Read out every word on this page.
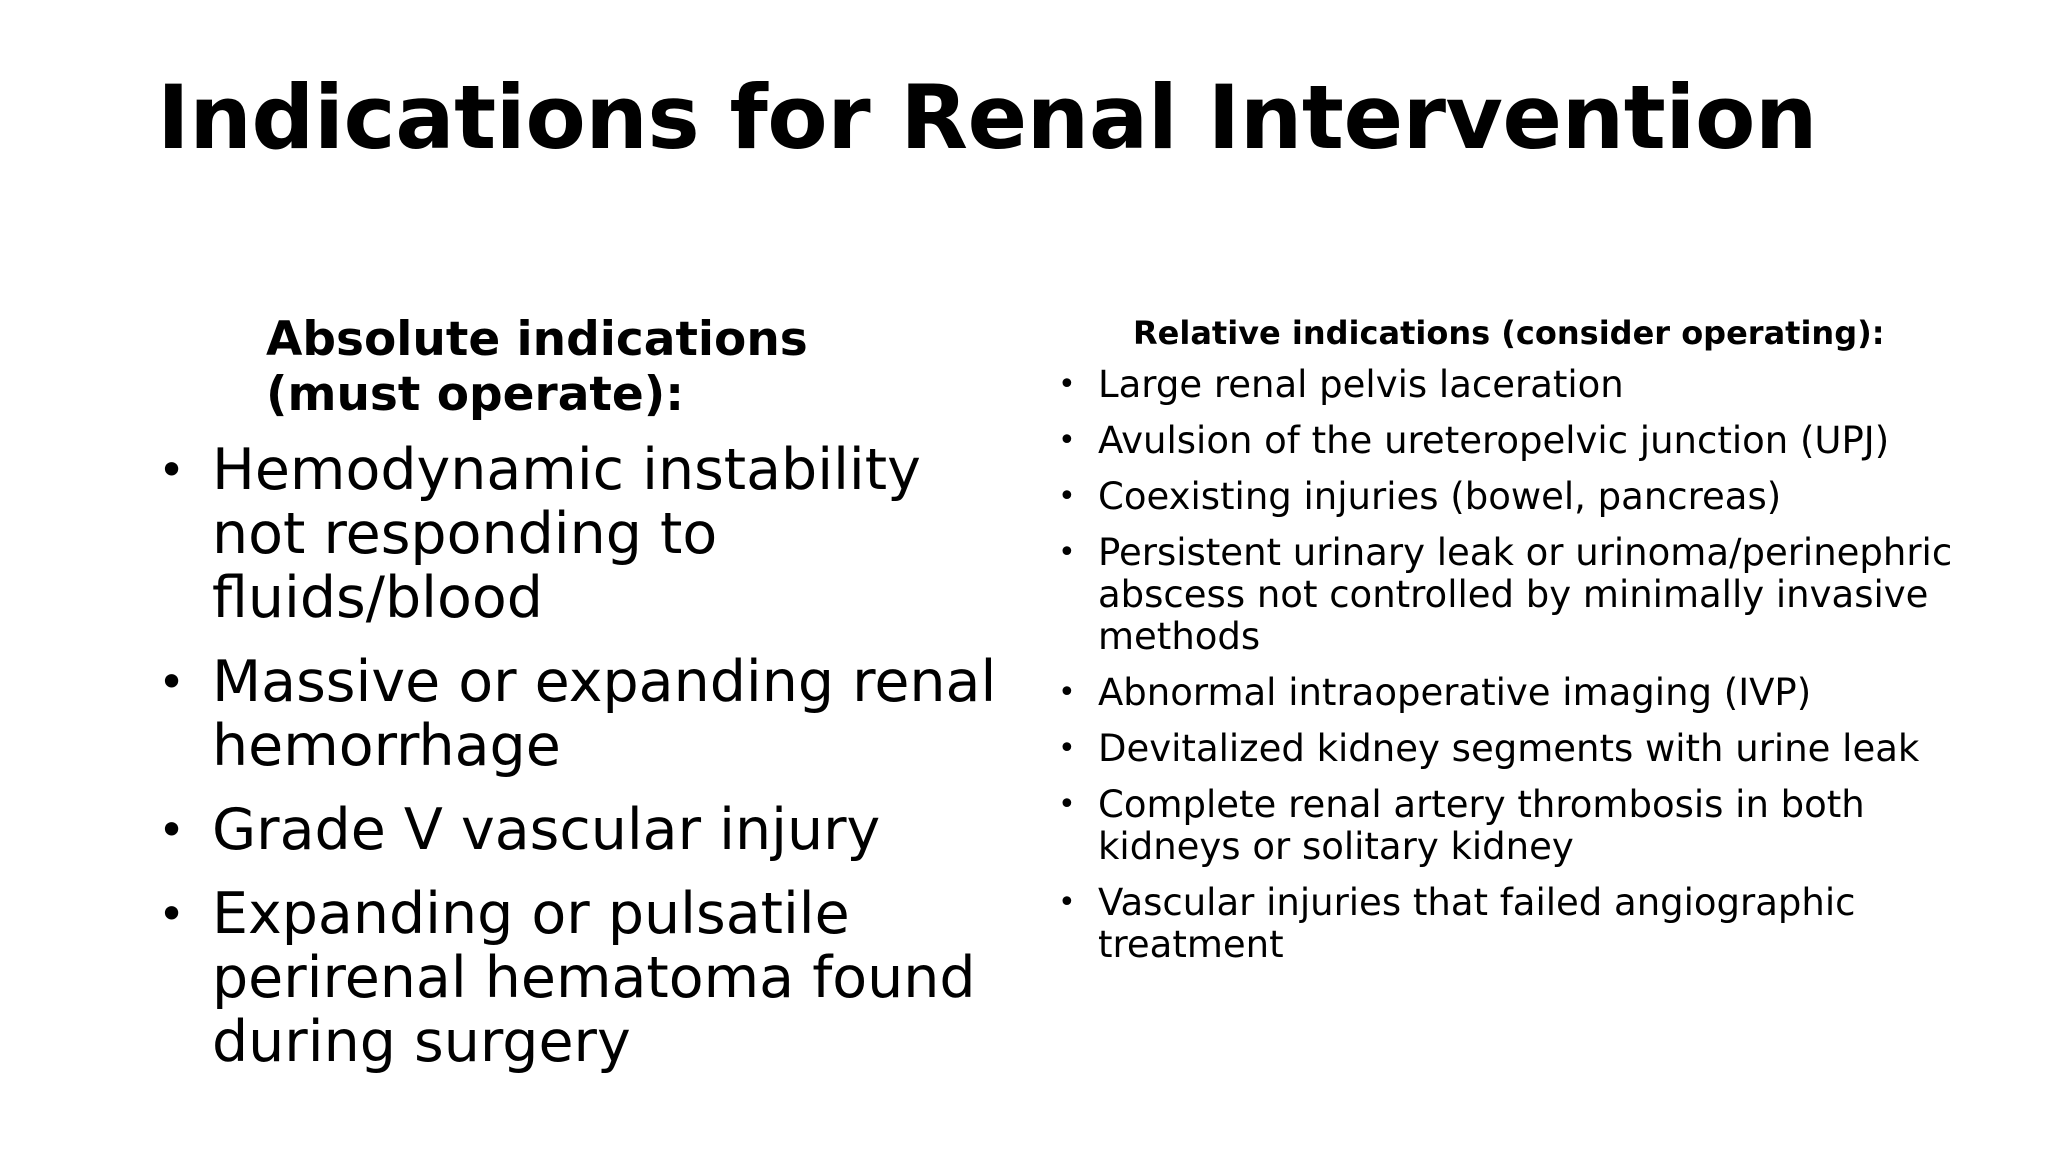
Indications for Renal Intervention
Absolute indications (must operate):
• Hemodynamic instability not responding to fluids/blood
• Massive or expanding renal hemorrhage
• Grade V vascular injury
• Expanding or pulsatile perirenal hematoma found during surgery
Relative indications (consider operating):
• Large renal pelvis laceration
• Avulsion of the ureteropelvic junction (UPJ)
• Coexisting injuries (bowel, pancreas)
• Persistent urinary leak or urinoma/perinephric abscess not controlled by minimally invasive methods
• Abnormal intraoperative imaging (IVP)
• Devitalized kidney segments with urine leak
• Complete renal artery thrombosis in both kidneys or solitary kidney
• Vascular injuries that failed angiographic treatment
